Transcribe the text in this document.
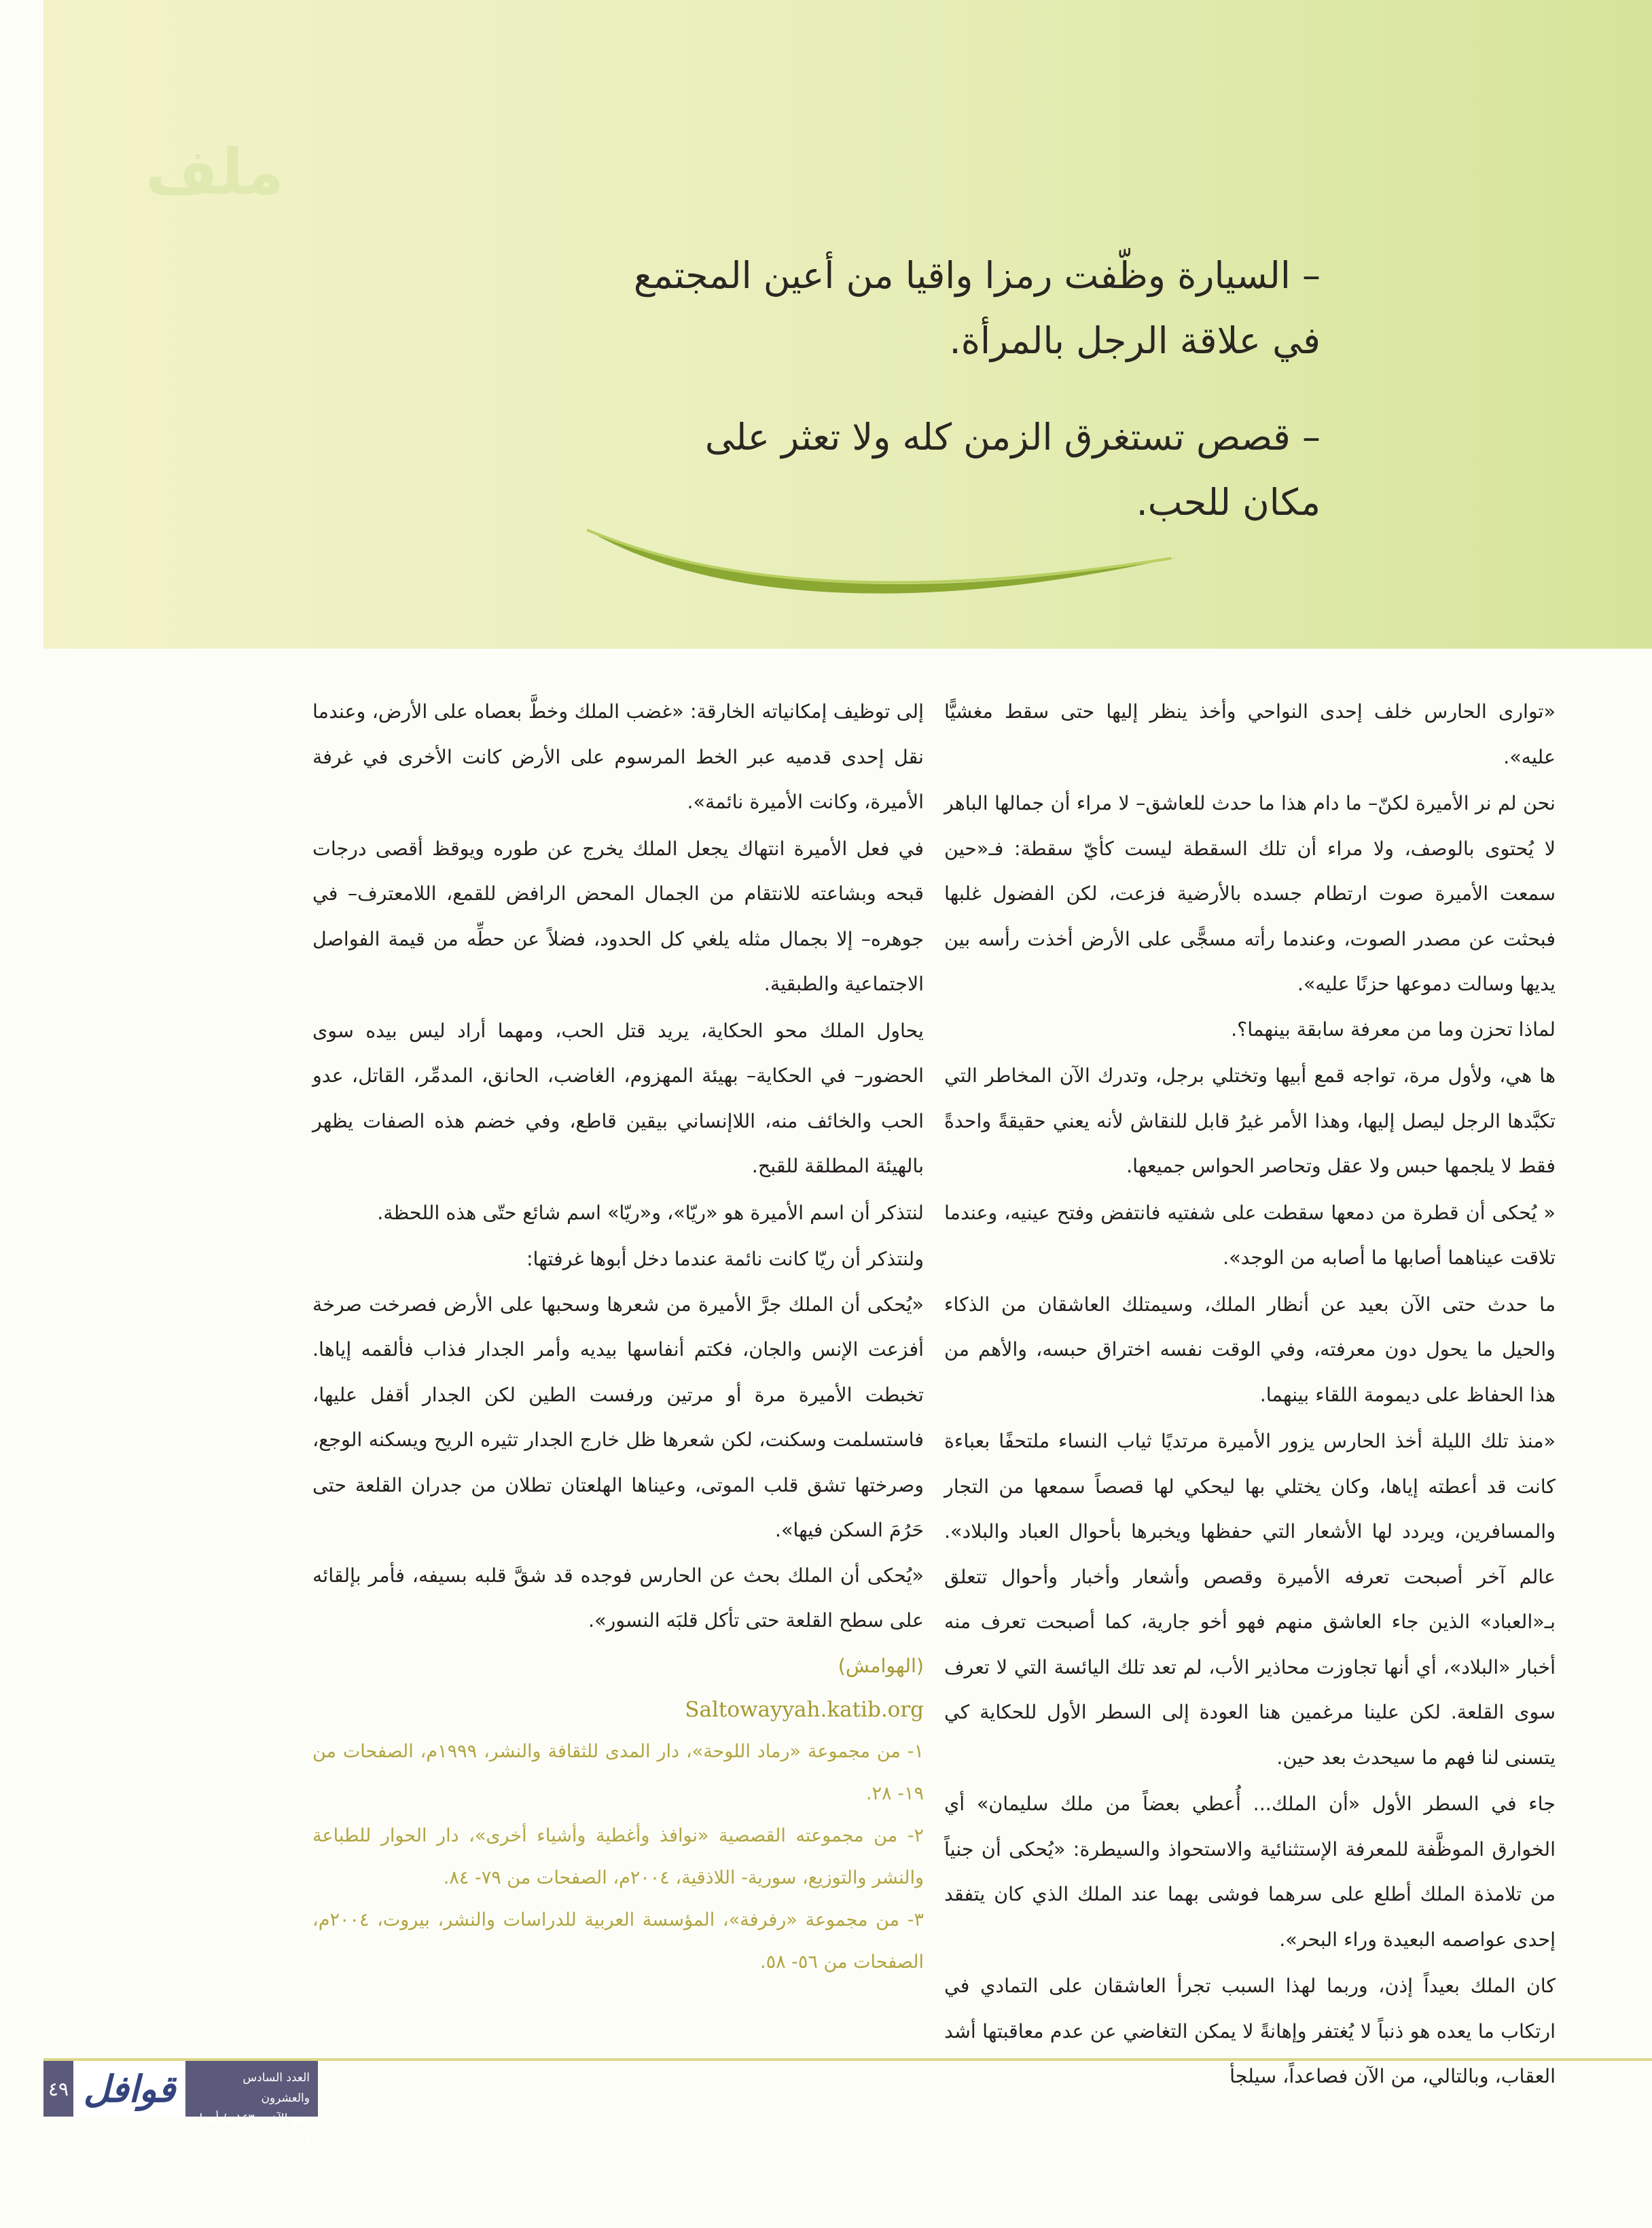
ملف
– السيارة وظّفت رمزا واقيا من أعين المجتمع في علاقة الرجل بالمرأة.
– قصص تستغرق الزمن كله ولا تعثر على مكان للحب.

«توارى الحارس خلف إحدى النواحي وأخذ ينظر إليها حتى سقط مغشيًّا عليه».

نحن لم نر الأميرة لكنّ– ما دام هذا ما حدث للعاشق– لا مراء أن جمالها الباهر لا يُحتوى بالوصف، ولا مراء أن تلك السقطة ليست كأيّ سقطة: فـ«حين سمعت الأميرة صوت ارتطام جسده بالأرضية فزعت، لكن الفضول غلبها فبحثت عن مصدر الصوت، وعندما رأته مسجًّى على الأرض أخذت رأسه بين يديها وسالت دموعها حزنًا عليه».

لماذا تحزن وما من معرفة سابقة بينهما؟.

ها هي، ولأول مرة، تواجه قمع أبيها وتختلي برجل، وتدرك الآن المخاطر التي تكبَّدها الرجل ليصل إليها، وهذا الأمر غيرُ قابل للنقاش لأنه يعني حقيقةً واحدةً فقط لا يلجمها حبس ولا عقل وتحاصر الحواس جميعها.

« يُحكى أن قطرة من دمعها سقطت على شفتيه فانتفض وفتح عينيه، وعندما تلاقت عيناهما أصابها ما أصابه من الوجد».

ما حدث حتى الآن بعيد عن أنظار الملك، وسيمتلك العاشقان من الذكاء والحيل ما يحول دون معرفته، وفي الوقت نفسه اختراق حبسه، والأهم من هذا الحفاظ على ديمومة اللقاء بينهما.

«منذ تلك الليلة أخذ الحارس يزور الأميرة مرتديًا ثياب النساء ملتحفًا بعباءة كانت قد أعطته إياها، وكان يختلي بها ليحكي لها قصصاً سمعها من التجار والمسافرين، ويردد لها الأشعار التي حفظها ويخبرها بأحوال العباد والبلاد». عالم آخر أصبحت تعرفه الأميرة وقصص وأشعار وأخبار وأحوال تتعلق بـ«العباد» الذين جاء العاشق منهم فهو أخو جارية، كما أصبحت تعرف منه أخبار «البلاد»، أي أنها تجاوزت محاذير الأب، لم تعد تلك اليائسة التي لا تعرف سوى القلعة. لكن علينا مرغمين هنا العودة إلى السطر الأول للحكاية كي يتسنى لنا فهم ما سيحدث بعد حين.

جاء في السطر الأول «أن الملك... أُعطي بعضاً من ملك سليمان» أي الخوارق الموظَّفة للمعرفة الإستثنائية والاستحواذ والسيطرة: «يُحكى أن جنياً من تلامذة الملك أطلع على سرهما فوشى بهما عند الملك الذي كان يتفقد إحدى عواصمه البعيدة وراء البحر».

كان الملك بعيداً إذن، وربما لهذا السبب تجرأ العاشقان على التمادي في ارتكاب ما يعده هو ذنباً لا يُغتفر وإهانةً لا يمكن التغاضي عن عدم معاقبتها أشد العقاب، وبالتالي، من الآن فصاعداً، سيلجأ

إلى توظيف إمكانياته الخارقة: «غضب الملك وخطَّ بعصاه على الأرض، وعندما نقل إحدى قدميه عبر الخط المرسوم على الأرض كانت الأخرى في غرفة الأميرة، وكانت الأميرة نائمة».

في فعل الأميرة انتهاك يجعل الملك يخرج عن طوره ويوقظ أقصى درجات قبحه وبشاعته للانتقام من الجمال المحض الرافض للقمع، اللامعترف– في جوهره– إلا بجمال مثله يلغي كل الحدود، فضلاً عن حطِّه من قيمة الفواصل الاجتماعية والطبقية.

يحاول الملك محو الحكاية، يريد قتل الحب، ومهما أراد ليس بيده سوى الحضور– في الحكاية– بهيئة المهزوم، الغاضب، الحانق، المدمِّر، القاتل، عدو الحب والخائف منه، اللاإنساني بيقين قاطع، وفي خضم هذه الصفات يظهر بالهيئة المطلقة للقبح.

لنتذكر أن اسم الأميرة هو «ريّا»، و«ريّا» اسم شائع حتّى هذه اللحظة.

ولنتذكر أن ريّا كانت نائمة عندما دخل أبوها غرفتها:

«يُحكى أن الملك جرَّ الأميرة من شعرها وسحبها على الأرض فصرخت صرخة أفزعت الإنس والجان، فكتم أنفاسها بيديه وأمر الجدار فذاب فألقمه إياها. تخبطت الأميرة مرة أو مرتين ورفست الطين لكن الجدار أقفل عليها، فاستسلمت وسكنت، لكن شعرها ظل خارج الجدار تثيره الريح ويسكنه الوجع، وصرختها تشق قلب الموتى، وعيناها الهلعتان تطلان من جدران القلعة حتى حَرُمَ السكن فيها».

«يُحكى أن الملك بحث عن الحارس فوجده قد شقَّ قلبه بسيفه، فأمر بإلقائه على سطح القلعة حتى تأكل قلبَه النسور».

(الهوامش)

Saltowayyah.katib.org

١- من مجموعة «رماد اللوحة»، دار المدى للثقافة والنشر، ١٩٩٩م، الصفحات من ١٩- ٢٨.

٢- من مجموعته القصصية «نوافذ وأغطية وأشياء أخرى»، دار الحوار للطباعة والنشر والتوزيع، سورية- اللاذقية، ٢٠٠٤م، الصفحات من ٧٩- ٨٤.

٣- من مجموعة «رفرفة»، المؤسسة العربية للدراسات والنشر، بيروت، ٢٠٠٤م، الصفحات من ٥٦- ٥٨.

٤٩ قوافل	العدد السادس والعشرون
ربيع الآخر ١٤٣٠هـ/ أبريل ٢٠٠٩م
